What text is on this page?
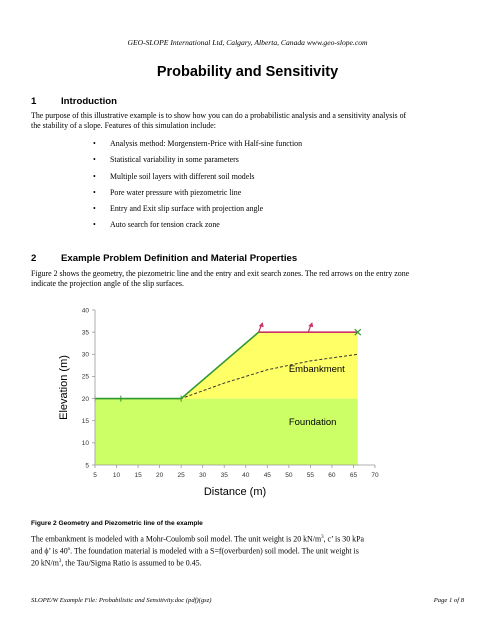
GEO-SLOPE International Ltd, Calgary, Alberta, Canada www.geo-slope.com
Probability and Sensitivity
1	Introduction
The purpose of this illustrative example is to show how you can do a probabilistic analysis and a sensitivity analysis of the stability of a slope. Features of this simulation include:
• Analysis method: Morgenstern-Price with Half-sine function
• Statistical variability in some parameters
• Multiple soil layers with different soil models
• Pore water pressure with piezometric line
• Entry and Exit slip surface with projection angle
• Auto search for tension crack zone
2	Example Problem Definition and Material Properties
Figure 2 shows the geometry, the piezometric line and the entry and exit search zones. The red arrows on the entry zone indicate the projection angle of the slip surfaces.
5 10 15 20 25 30 35 40 45 50 55 60 65 70
5
10
15
20
25
30
35
40
Embankment
Foundation
Distance (m)
Elevation (m)
Figure 2 Geometry and Piezometric line of the example
The embankment is modeled with a Mohr-Coulomb soil model. The unit weight is 20 $kN/m^3$, c’ is 30 kPa
and ϕ’ is 40$^o$. The foundation material is modeled with a S=f(overburden) soil model. The unit weight is
20 $kN/m^3$, the Tau/Sigma Ratio is assumed to be 0.45.
SLOPE/W Example File: Probabilistic and Sensitivity.doc (pdf)(gsz)	Page 1 of 8
